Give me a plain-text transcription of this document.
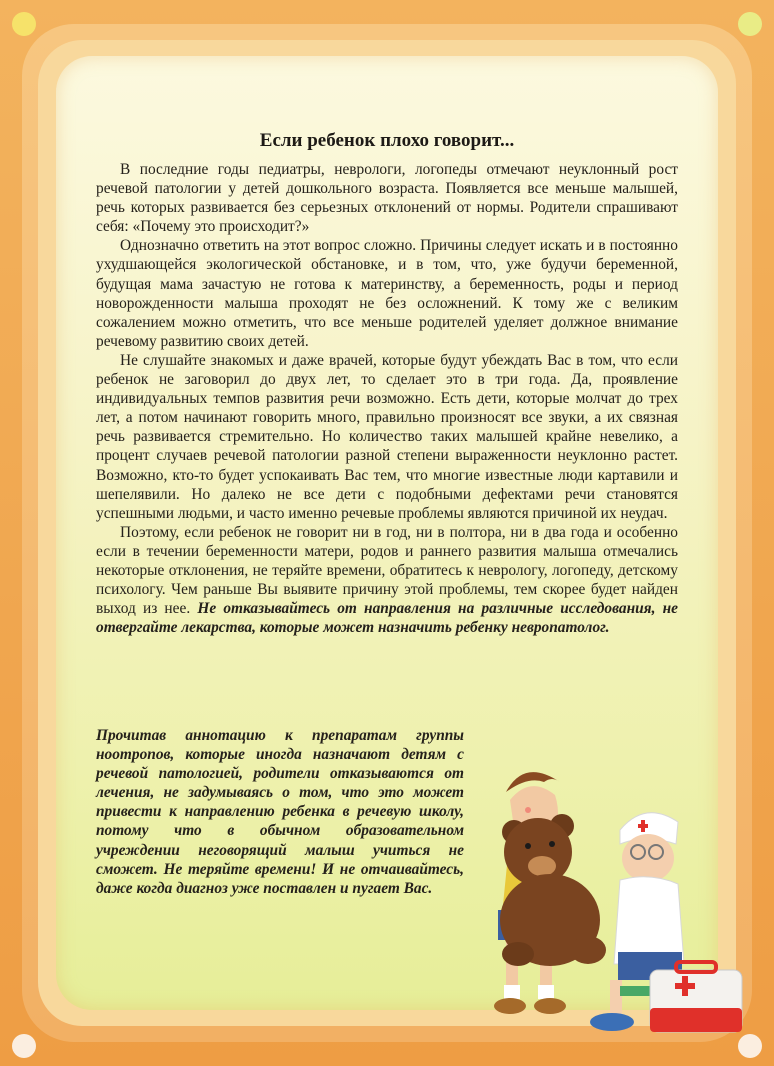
Если ребенок плохо говорит...

В последние годы педиатры, неврологи, логопеды отмечают неуклонный рост речевой патологии у детей дошкольного возраста. Появляется все меньше малышей, речь которых развивается без серьезных отклонений от нормы. Родители спрашивают себя: «Почему это происходит?»

Однозначно ответить на этот вопрос сложно. Причины следует искать и в постоянно ухудшающейся экологической обстановке, и в том, что, уже будучи беременной, будущая мама зачастую не готова к материнству, а беременность, роды и период новорожденности малыша проходят не без осложнений. К тому же с великим сожалением можно отметить, что все меньше родителей уделяет должное внимание речевому развитию своих детей.

Не слушайте знакомых и даже врачей, которые будут убеждать Вас в том, что если ребенок не заговорил до двух лет, то сделает это в три года. Да, проявление индивидуальных темпов развития речи возможно. Есть дети, которые молчат до трех лет, а потом начинают говорить много, правильно произносят все звуки, а их связная речь развивается стремительно. Но количество таких малышей крайне невелико, а процент случаев речевой патологии разной степени выраженности неуклонно растет. Возможно, кто-то будет успокаивать Вас тем, что многие известные люди картавили и шепелявили. Но далеко не все дети с подобными дефектами речи становятся успешными людьми, и часто именно речевые проблемы являются причиной их неудач.

Поэтому, если ребенок не говорит ни в год, ни в полтора, ни в два года и особенно если в течении беременности матери, родов и раннего развития малыша отмечались некоторые отклонения, не теряйте времени, обратитесь к неврологу, логопеду, детскому психологу. Чем раньше Вы выявите причину этой проблемы, тем скорее будет найден выход из нее. Не отказывайтесь от направления на различные исследования, не отвергайте лекарства, которые может назначить ребенку невропатолог.

Прочитав аннотацию к препаратам группы ноотропов, которые иногда назначают детям с речевой патологией, родители отказываются от лечения, не задумываясь о том, что это может привести к направлению ребенка в речевую школу, потому что в обычном образовательном учреждении неговорящий малыш учиться не сможет. Не теряйте времени! И не отчаивайтесь, даже когда диагноз уже поставлен и пугает Вас.
